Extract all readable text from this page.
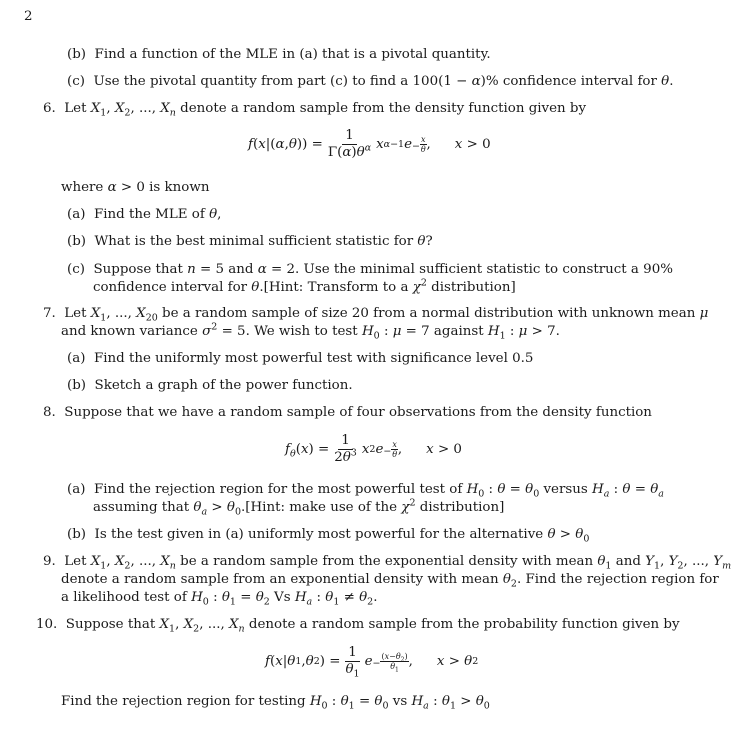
2
(b)  Find a function of the MLE in (a) that is a pivotal quantity.
(c)  Use the pivotal quantity from part (c) to find a 100(1 − α)% confidence interval for θ.
6.  Let $X_1$, $X_2$, ..., $X_n$ denote a random sample from the density function given by
f ( x |( α , θ )) = $\frac{1}{\Gamma(\alpha)\theta^\alpha}$ x α−1 $e - \frac{x}{\theta}$ , x > 0
where α > 0 is known
(a)  Find the MLE of θ,
(b)  What is the best minimal sufficient statistic for θ?
(c)  Suppose that n = 5 and α = 2. Use the minimal sufficient statistic to construct a 90%
confidence interval for θ.[Hint: Transform to a $\chi^2$ distribution]
7.  Let $X_1$, ..., $X_{20}$ be a random sample of size 20 from a normal distribution with unknown mean μ
and known variance $\sigma^2 = 5$. We wish to test $H_0$ : μ = 7 against $H_1$ : μ > 7.
(a)  Find the uniformly most powerful test with significance level 0.5
(b)  Sketch a graph of the power function.
8.  Suppose that we have a random sample of four observations from the density function
$f_\theta$ ( x ) = $\frac{1}{2\theta^3}$ x 2 $e - \frac{x}{\theta}$ , x > 0
(a)  Find the rejection region for the most powerful test of $H_0$ : $\theta = \theta_0$ versus $H_a$ : $\theta = \theta_a$
assuming that $\theta_a$ > $\theta_0.[Hint$: make use of the $\chi^2$ distribution]
(b)  Is the test given in (a) uniformly most powerful for the alternative $\theta > \theta_0$
9.  Let $X_1$, $X_2$, ..., $X_n$ be a random sample from the exponential density with mean $\theta_1$ and $Y_1$, $Y_2$, ..., $Y_m$
denote a random sample from an exponential density with mean $\theta_2$. Find the rejection region for
a likelihood test of $H_0$ : $\theta_1 = \theta_2$ Vs $H_a$ : $\theta_1 \ne \theta_2$.
10.  Suppose that $X_1$, $X_2$, ..., $X_n$ denote a random sample from the probability function given by
f ( x | θ 1 , θ 2 ) = $\frac{1}{\theta_1}$ $e - \frac{(x-\theta_2)}{\theta_1}$ , x > θ 2
Find the rejection region for testing $H_0$ : $\theta_1 = \theta_0$ vs $H_a$ : $\theta_1 > \theta_0$
